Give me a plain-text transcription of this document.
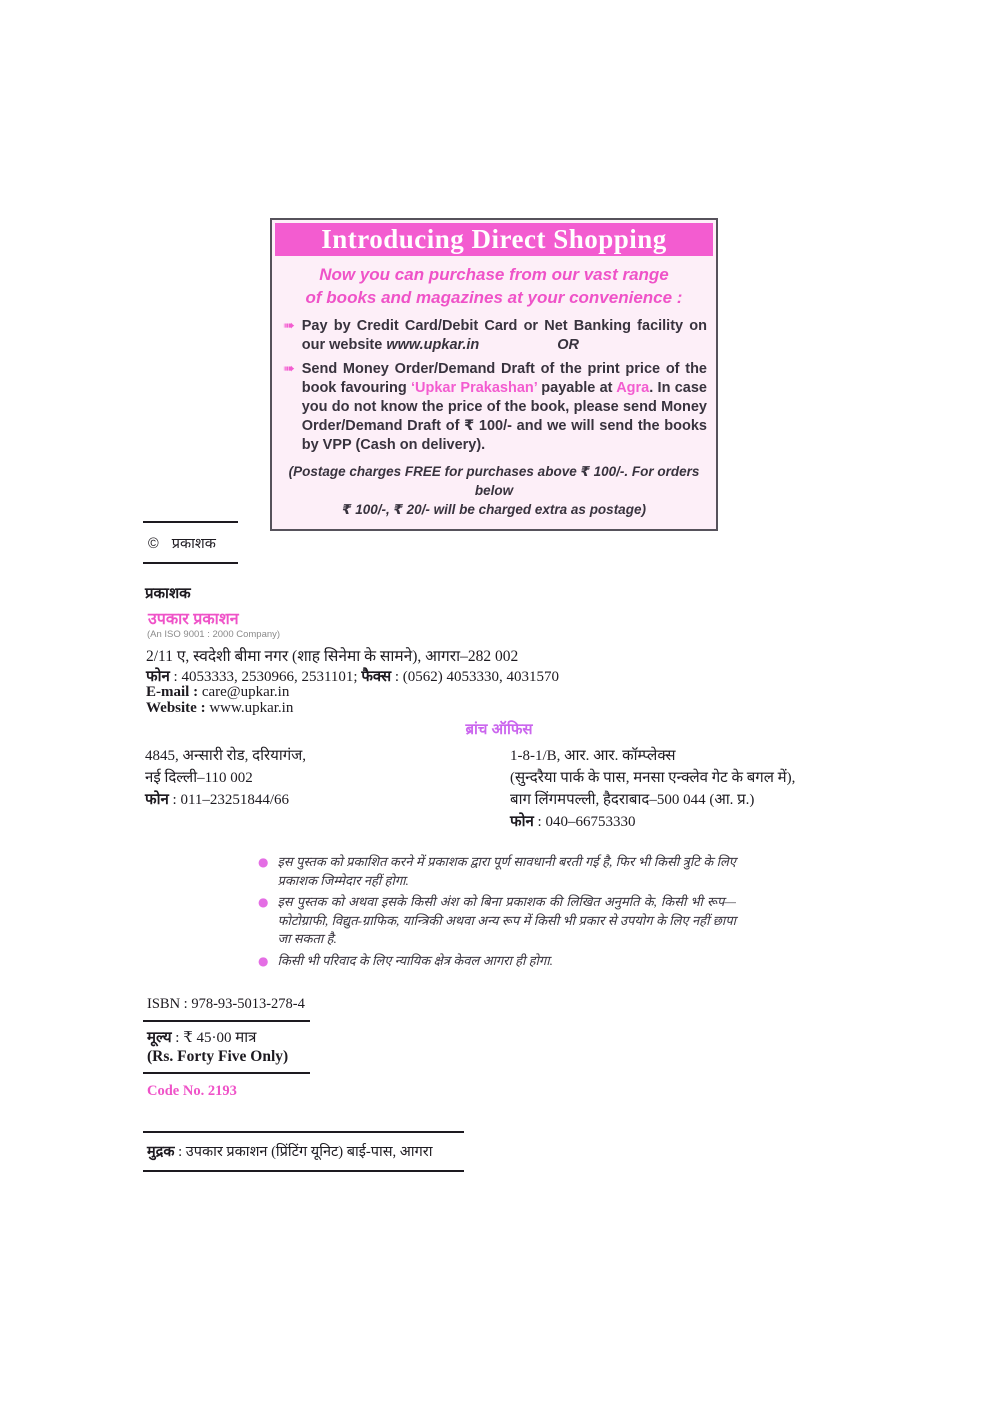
Introducing Direct Shopping
Now you can purchase from our vast range
of books and magazines at your convenience :
➠ Pay by Credit Card/Debit Card or Net Banking facility on our website www.upkar.in	OR
➠ Send Money Order/Demand Draft of the print price of the book favouring ‘Upkar Prakashan’ payable at Agra. In case you do not know the price of the book, please send Money Order/Demand Draft of ₹ 100/- and we will send the books by VPP (Cash on delivery).
(Postage charges FREE for purchases above ₹ 100/-. For orders below
₹ 100/-, ₹ 20/- will be charged extra as postage)
© प्रकाशक
प्रकाशक
उपकार प्रकाशन
(An ISO 9001 : 2000 Company)
2/11 ए, स्वदेशी बीमा नगर (शाह सिनेमा के सामने), आगरा–282 002
फोन : 4053333, 2530966, 2531101; फैक्स : (0562) 4053330, 4031570
E-mail : care@upkar.in
Website : www.upkar.in
ब्रांच ऑफिस
4845, अन्सारी रोड, दरियागंज,
नई दिल्ली–110 002
फोन : 011–23251844/66
1-8-1/B, आर. आर. कॉम्प्लेक्स
(सुन्दरैया पार्क के पास, मनसा एन्क्लेव गेट के बगल में),
बाग लिंगमपल्ली, हैदराबाद–500 044 (आ. प्र.)
फोन : 040–66753330
● इस पुस्तक को प्रकाशित करने में प्रकाशक द्वारा पूर्ण सावधानी बरती गई है, फिर भी किसी त्रुटि के लिए प्रकाशक जिम्मेदार नहीं होगा.
● इस पुस्तक को अथवा इसके किसी अंश को बिना प्रकाशक की लिखित अनुमति के, किसी भी रूप—फोटोग्राफी, विद्युत-ग्राफिक, यान्त्रिकी अथवा अन्य रूप में किसी भी प्रकार से उपयोग के लिए नहीं छापा जा सकता है.
● किसी भी परिवाद के लिए न्यायिक क्षेत्र केवल आगरा ही होगा.
ISBN : 978-93-5013-278-4
मूल्य : ₹ 45·00 मात्र
(Rs. Forty Five Only)
Code No. 2193
मुद्रक : उपकार प्रकाशन (प्रिंटिंग यूनिट) बाई-पास, आगरा
